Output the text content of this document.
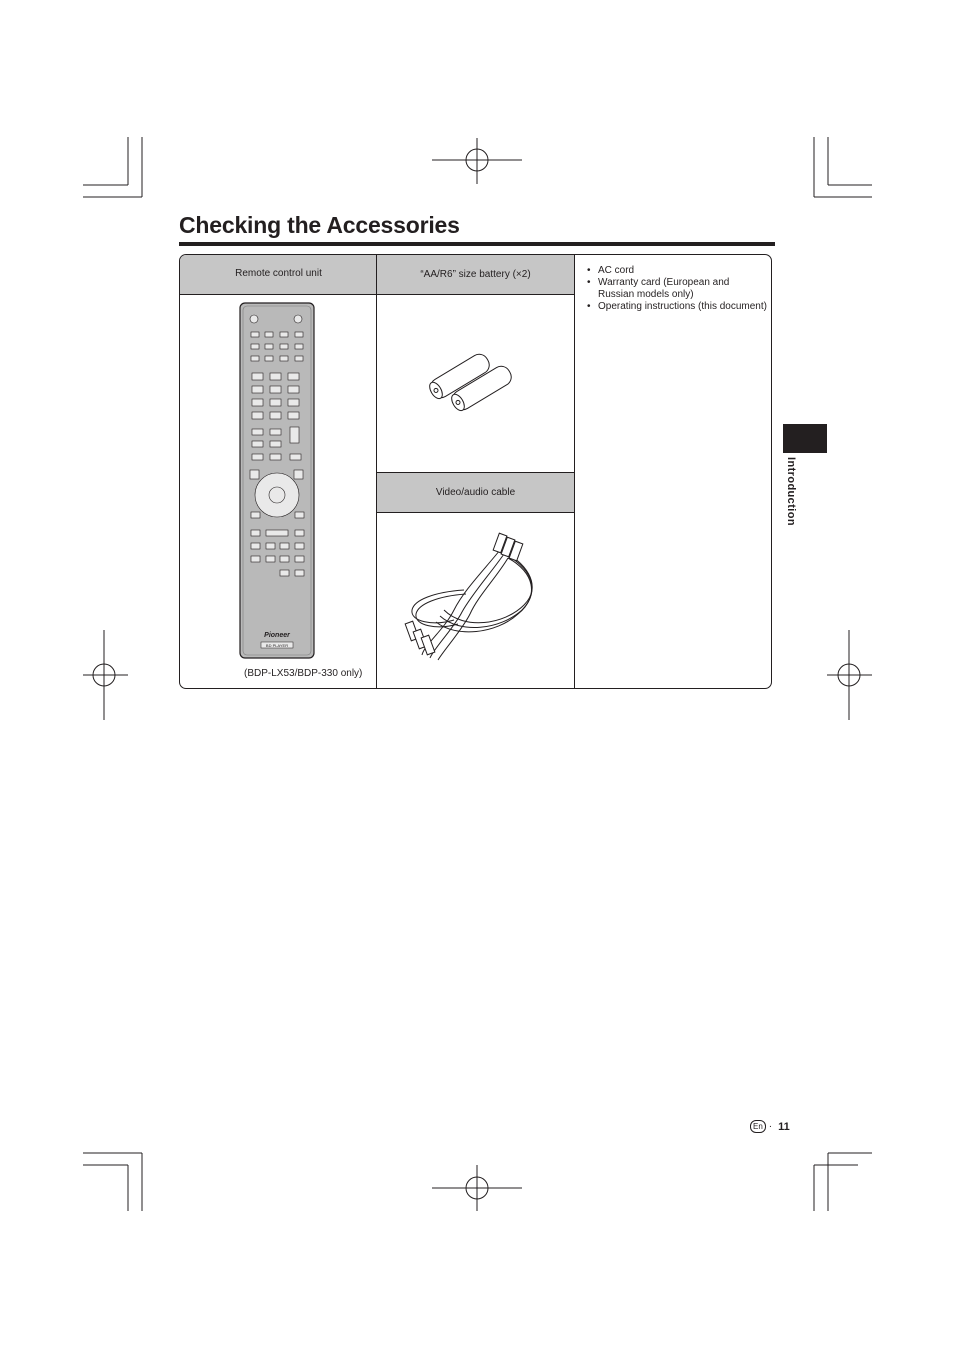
Checking the Accessories
Remote control unit	“AA/R6” size battery (×2)
Video/audio cable
Pioneer
BD PLAYER
(BDP-LX53/BDP-330 only)
• AC cord
• Warranty card (European and Russian models only)
• Operating instructions (this document)
Introduction
En · 11
